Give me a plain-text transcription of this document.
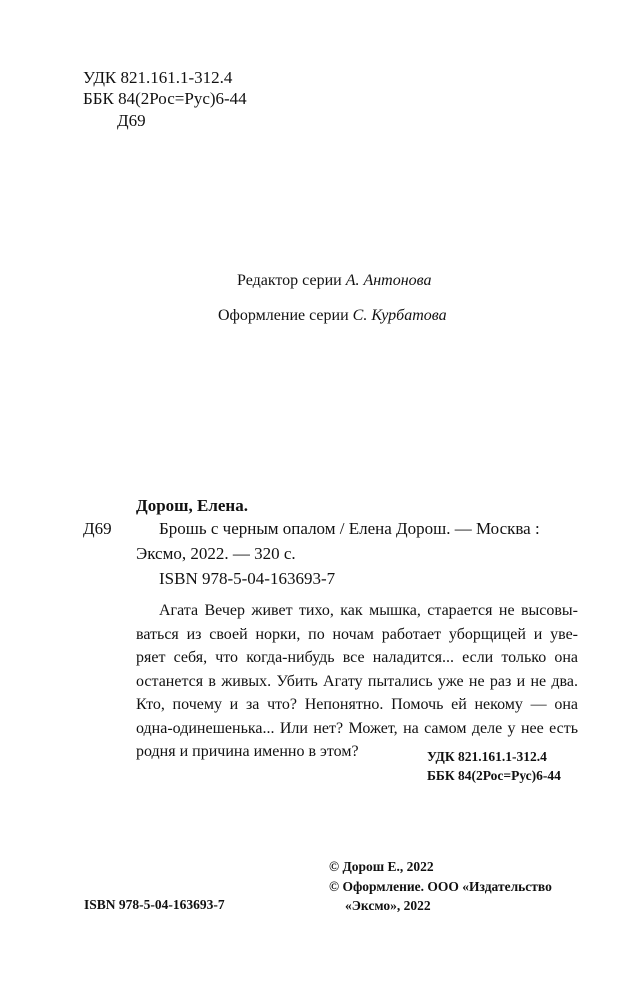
УДК 821.161.1-312.4
ББК 84(2Рос=Рус)6-44
Д69
Редактор серии А. Антонова
Оформление серии С. Курбатова
Дорош, Елена.
Д69	Брошь с черным опалом / Елена Дорош. — Москва :
Эксмо, 2022. — 320 с.
ISBN 978-5-04-163693-7

Агата Вечер живет тихо, как мышка, старается не высовы-

ваться из своей норки, по ночам работает уборщицей и уве-

ряет себя, что когда-нибудь все наладится... если только она

останется в живых. Убить Агату пытались уже не раз и не два.

Кто, почему и за что? Непонятно. Помочь ей некому — она

одна-одинешенька... Или нет? Может, на самом деле у нее есть

родня и причина именно в этом?	УДК 821.161.1-312.4
ББК 84(2Рос=Рус)6-44
© Дорош Е., 2022
© Оформление. ООО «Издательство
ISBN 978-5-04-163693-7	«Эксмо», 2022
